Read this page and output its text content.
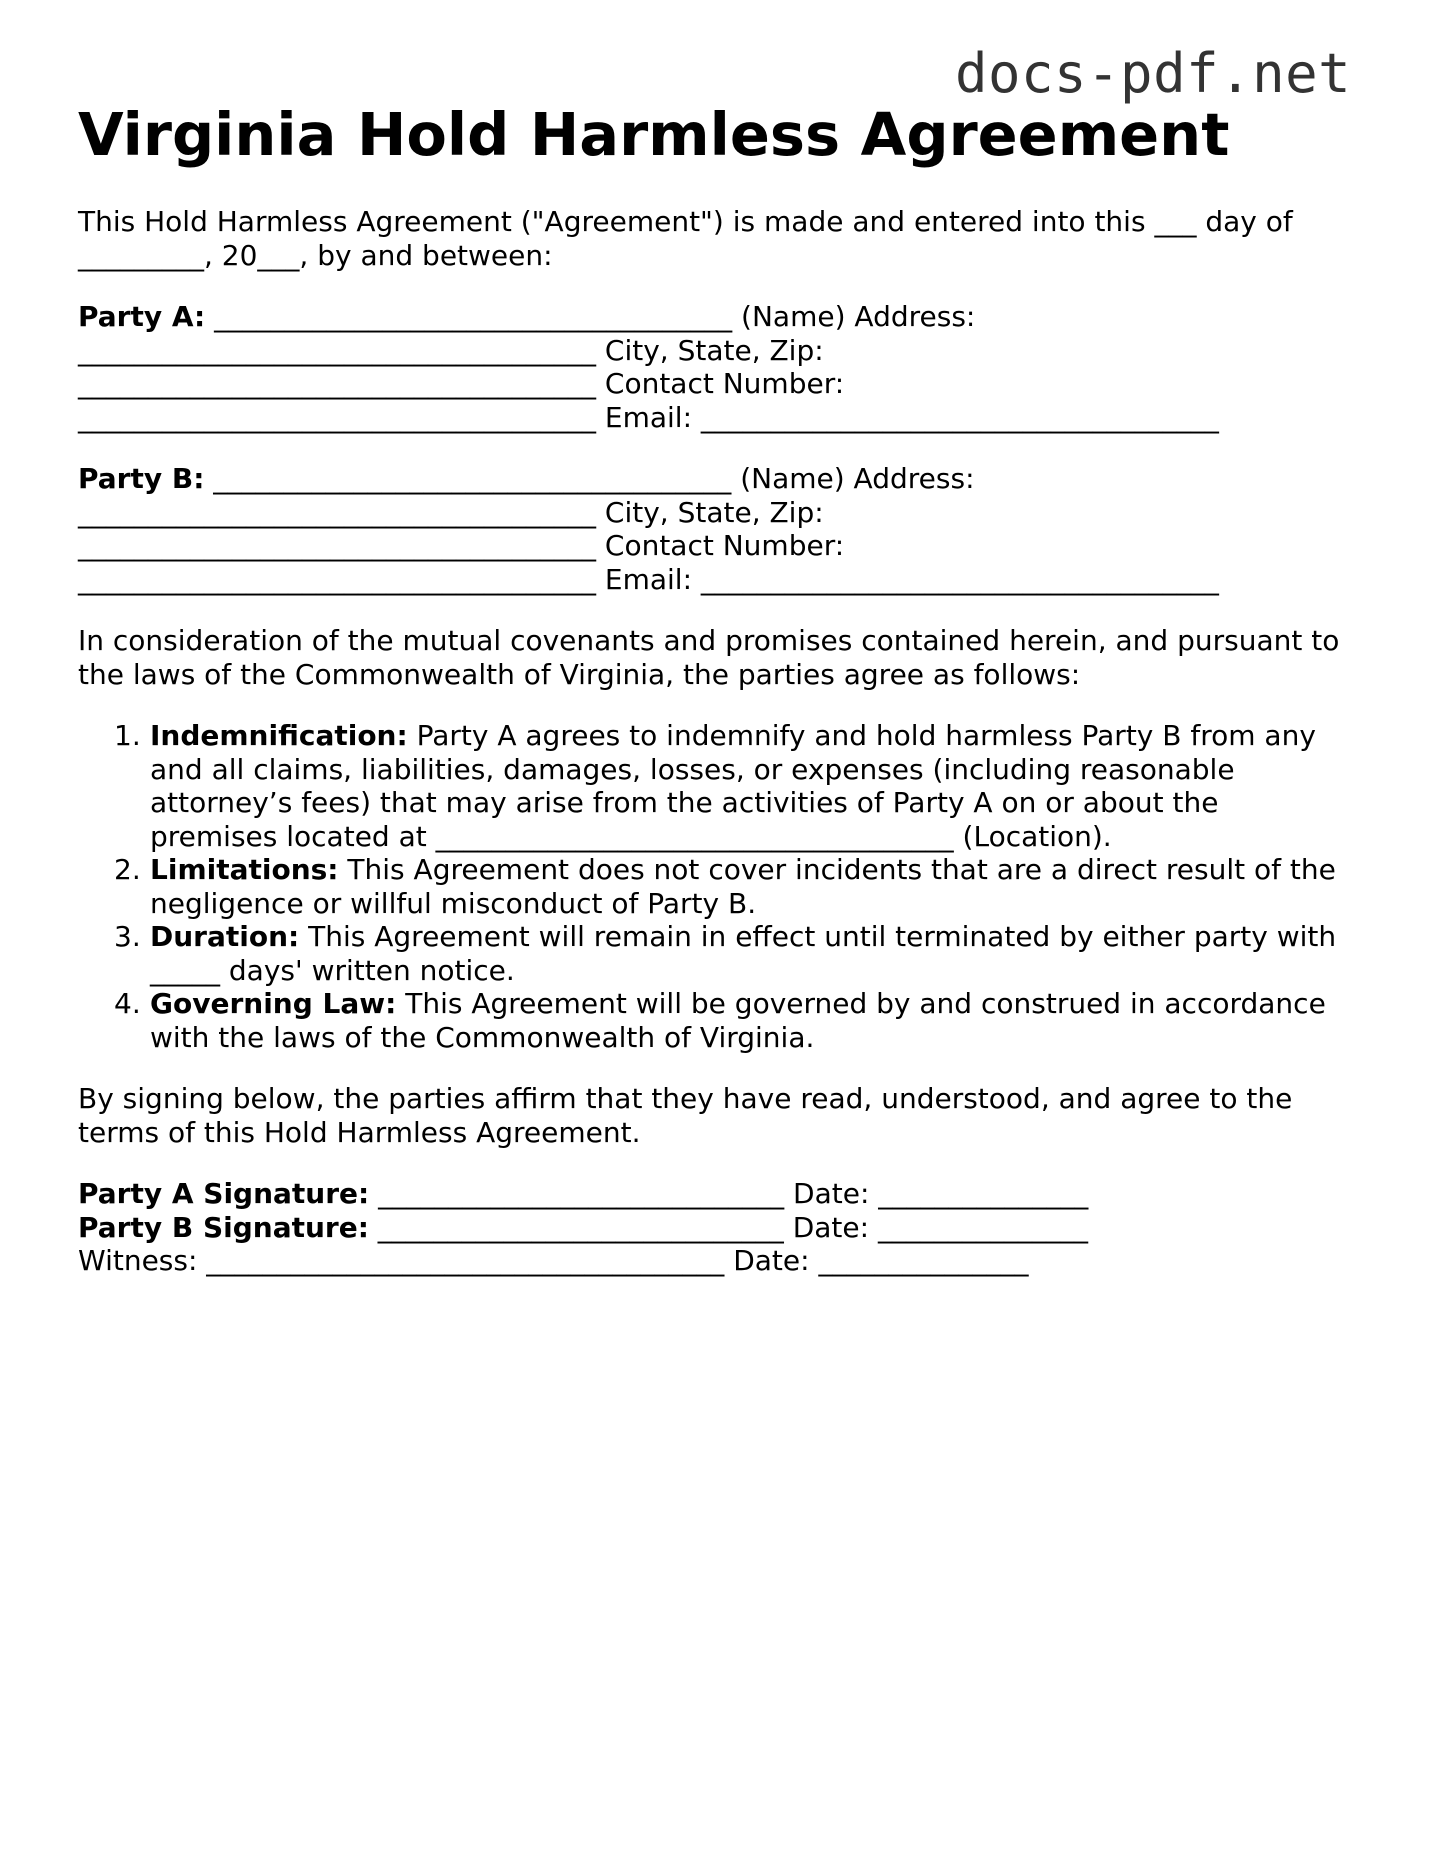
docs-pdf.net
Virginia Hold Harmless Agreement

This Hold Harmless Agreement ("Agreement") is made and entered into this ___ day of

_________, 20___, by and between:

Party A: _____________________________________ (Name) Address:

_____________________________________ City, State, Zip:

_____________________________________ Contact Number:

_____________________________________ Email: _____________________________________

Party B: _____________________________________ (Name) Address:

_____________________________________ City, State, Zip:

_____________________________________ Contact Number:

_____________________________________ Email: _____________________________________

In consideration of the mutual covenants and promises contained herein, and pursuant to

the laws of the Commonwealth of Virginia, the parties agree as follows:

1. Indemnification: Party A agrees to indemnify and hold harmless Party B from any
and all claims, liabilities, damages, losses, or expenses (including reasonable
attorney’s fees) that may arise from the activities of Party A on or about the
premises located at _____________________________________ (Location).
2. Limitations: This Agreement does not cover incidents that are a direct result of the
negligence or willful misconduct of Party B.
3. Duration: This Agreement will remain in effect until terminated by either party with
_____ days' written notice.
4. Governing Law: This Agreement will be governed by and construed in accordance
with the laws of the Commonwealth of Virginia.

By signing below, the parties affirm that they have read, understood, and agree to the

terms of this Hold Harmless Agreement.

Party A Signature: _____________________________ Date: _______________

Party B Signature: _____________________________ Date: _______________

Witness: _____________________________________ Date: _______________
